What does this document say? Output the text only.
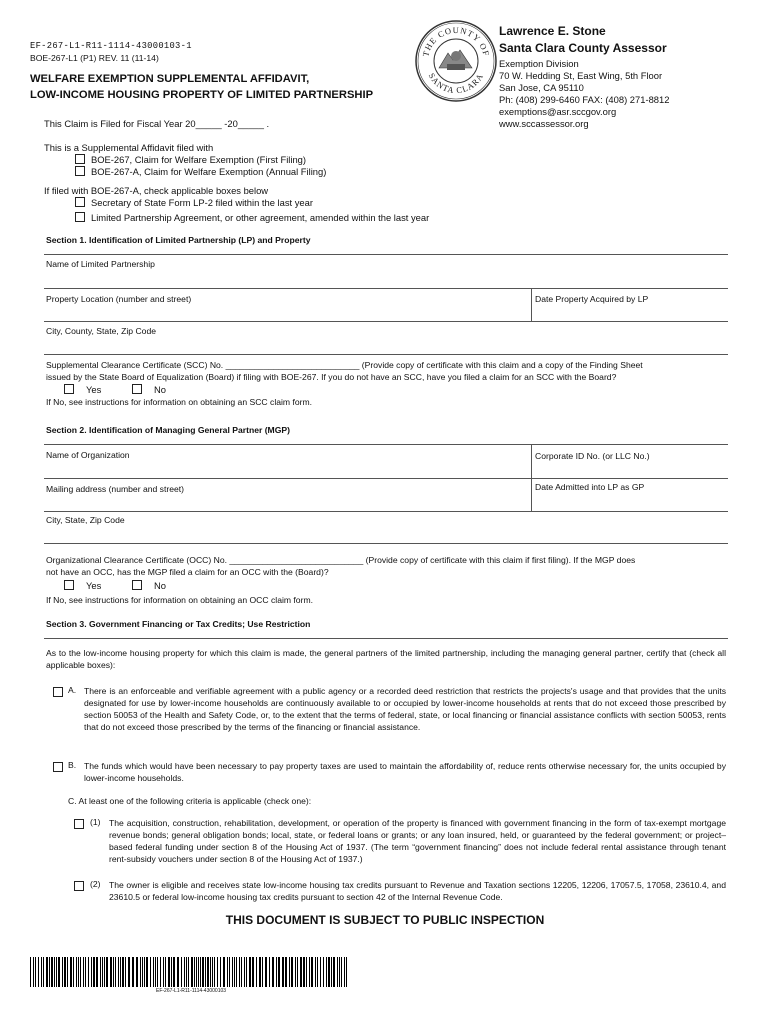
EF-267-L1-R11-1114-43000103-1
BOE-267-L1 (P1) REV. 11 (11-14)
WELFARE EXEMPTION SUPPLEMENTAL AFFIDAVIT,
LOW-INCOME HOUSING PROPERTY OF LIMITED PARTNERSHIP
This Claim is Filed for Fiscal Year 20_____ -20_____ .
THE COUNTY OF
SANTA CLARA
Lawrence E. Stone
Santa Clara County Assessor
Exemption Division
70 W. Hedding St, East Wing, 5th Floor
San Jose, CA 95110
Ph: (408) 299-6460 FAX: (408) 271-8812
exemptions@asr.sccgov.org
www.sccassessor.org
This is a Supplemental Affidavit filed with
BOE-267, Claim for Welfare Exemption (First Filing)
BOE-267-A, Claim for Welfare Exemption (Annual Filing)
If filed with BOE-267-A, check applicable boxes below
Secretary of State Form LP-2 filed within the last year
Limited Partnership Agreement, or other agreement, amended within the last year
Section 1. Identification of Limited Partnership (LP) and Property
Name of Limited Partnership
Property Location (number and street)	Date Property Acquired by LP
City, County, State, Zip Code
Supplemental Clearance Certificate (SCC) No. ____________________________ (Provide copy of certificate with this claim and a copy of the Finding Sheet
issued by the State Board of Equalization (Board) if filing with BOE-267. If you do not have an SCC, have you filed a claim for an SCC with the Board?
Yes	No
If No, see instructions for information on obtaining an SCC claim form.
Section 2. Identification of Managing General Partner (MGP)
Name of Organization	Corporate ID No. (or LLC No.)
Mailing address (number and street)	Date Admitted into LP as GP
City, State, Zip Code
Organizational Clearance Certificate (OCC) No. ____________________________ (Provide copy of certificate with this claim if first filing). If the MGP does
not have an OCC, has the MGP filed a claim for an OCC with the (Board)?
Yes	No
If No, see instructions for information on obtaining an OCC claim form.
Section 3. Government Financing or Tax Credits; Use Restriction
As to the low-income housing property for which this claim is made, the general partners of the limited partnership, including the managing general partner, certify that (check all applicable boxes):
A. There is an enforceable and verifiable agreement with a public agency or a recorded deed restriction that restricts the projects's usage and that provides that the units designated for use by lower-income households are continuously available to or occupied by lower-income households at rents that do not exceed those prescribed by section 50053 of the Health and Safety Code, or, to the extent that the terms of federal, state, or local financing or financial assistance conflicts with section 50053, rents that do not exceed those prescribed by the terms of the financing or financial assistance.
B. The funds which would have been necessary to pay property taxes are used to maintain the affordability of, reduce rents otherwise necessary for, the units occupied by lower-income households.
C. At least one of the following criteria is applicable (check one):
(1) The acquisition, construction, rehabilitation, development, or operation of the property is financed with government financing in the form of tax-exempt mortgage revenue bonds; general obligation bonds; local, state, or federal loans or grants; or any loan insured, held, or guaranteed by the federal government; or project–based federal funding under section 8 of the Housing Act of 1937. (The term “government financing” does not include federal rental assistance through tenant rent-subsidy vouchers under section 8 of the Housing Act of 1937.)
(2) The owner is eligible and receives state low-income housing tax credits pursuant to Revenue and Taxation sections 12205, 12206, 17057.5, 17058, 23610.4, and 23610.5 or federal low-income housing tax credits pursuant to section 42 of the Internal Revenue Code.
THIS DOCUMENT IS SUBJECT TO PUBLIC INSPECTION
EF-267-L1-R11-1114-43000103
